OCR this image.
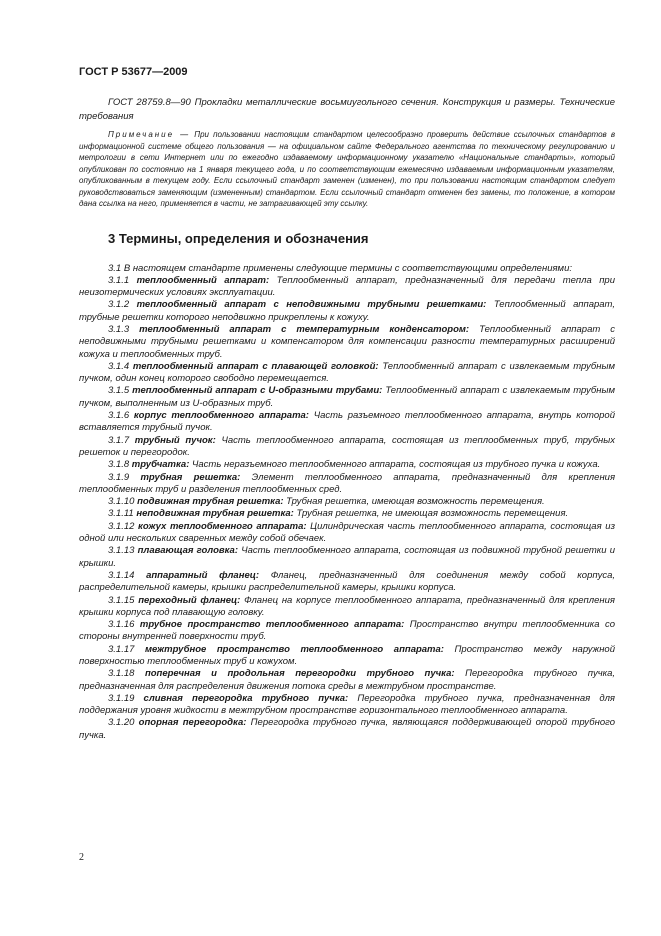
ГОСТ Р 53677—2009

ГОСТ 28759.8—90 Прокладки металлические восьмиугольного сечения. Конструкция и размеры. Технические требования

Примечание — При пользовании настоящим стандартом целесообразно проверить действие ссылочных стандартов в информационной системе общего пользования — на официальном сайте Федерального агентства по техническому регулированию и метрологии в сети Интернет или по ежегодно издаваемому информационному указателю «Национальные стандарты», который опубликован по состоянию на 1 января текущего года, и по соответствующим ежемесячно издаваемым информационным указателям, опубликованным в текущем году. Если ссылочный стандарт заменен (изменен), то при пользовании настоящим стандартом следует руководствоваться заменяющим (измененным) стандартом. Если ссылочный стандарт отменен без замены, то положение, в котором дана ссылка на него, применяется в части, не затрагивающей эту ссылку.

3 Термины, определения и обозначения

3.1 В настоящем стандарте применены следующие термины с соответствующими определениями:

3.1.1 теплообменный аппарат: Теплообменный аппарат, предназначенный для передачи тепла при неизотермических условиях эксплуатации.

3.1.2 теплообменный аппарат с неподвижными трубными решетками: Теплообменный аппарат, трубные решетки которого неподвижно прикреплены к кожуху.

3.1.3 теплообменный аппарат с температурным конденсатором: Теплообменный аппарат с неподвижными трубными решетками и компенсатором для компенсации разности температурных расширений кожуха и теплообменных труб.

3.1.4 теплообменный аппарат с плавающей головкой: Теплообменный аппарат с извлекаемым трубным пучком, один конец которого свободно перемещается.

3.1.5 теплообменный аппарат с U-образными трубами: Теплообменный аппарат с извлекаемым трубным пучком, выполненным из U-образных труб.

3.1.6 корпус теплообменного аппарата: Часть разъемного теплообменного аппарата, внутрь которой вставляется трубный пучок.

3.1.7 трубный пучок: Часть теплообменного аппарата, состоящая из теплообменных труб, трубных решеток и перегородок.

3.1.8 трубчатка: Часть неразъемного теплообменного аппарата, состоящая из трубного пучка и кожуха.

3.1.9 трубная решетка: Элемент теплообменного аппарата, предназначенный для крепления теплообменных труб и разделения теплообменных сред.

3.1.10 подвижная трубная решетка: Трубная решетка, имеющая возможность перемещения.

3.1.11 неподвижная трубная решетка: Трубная решетка, не имеющая возможность перемещения.

3.1.12 кожух теплообменного аппарата: Цилиндрическая часть теплообменного аппарата, состоящая из одной или нескольких сваренных между собой обечаек.

3.1.13 плавающая головка: Часть теплообменного аппарата, состоящая из подвижной трубной решетки и крышки.

3.1.14 аппаратный фланец: Фланец, предназначенный для соединения между собой корпуса, распределительной камеры, крышки распределительной камеры, крышки корпуса.

3.1.15 переходный фланец: Фланец на корпусе теплообменного аппарата, предназначенный для крепления крышки корпуса под плавающую головку.

3.1.16 трубное пространство теплообменного аппарата: Пространство внутри теплообменника со стороны внутренней поверхности труб.

3.1.17 межтрубное пространство теплообменного аппарата: Пространство между наружной поверхностью теплообменных труб и кожухом.

3.1.18 поперечная и продольная перегородки трубного пучка: Перегородка трубного пучка, предназначенная для распределения движения потока среды в межтрубном пространстве.

3.1.19 сливная перегородка трубного пучка: Перегородка трубного пучка, предназначенная для поддержания уровня жидкости в межтрубном пространстве горизонтального теплообменного аппарата.

3.1.20 опорная перегородка: Перегородка трубного пучка, являющаяся поддерживающей опорой трубного пучка.

2
